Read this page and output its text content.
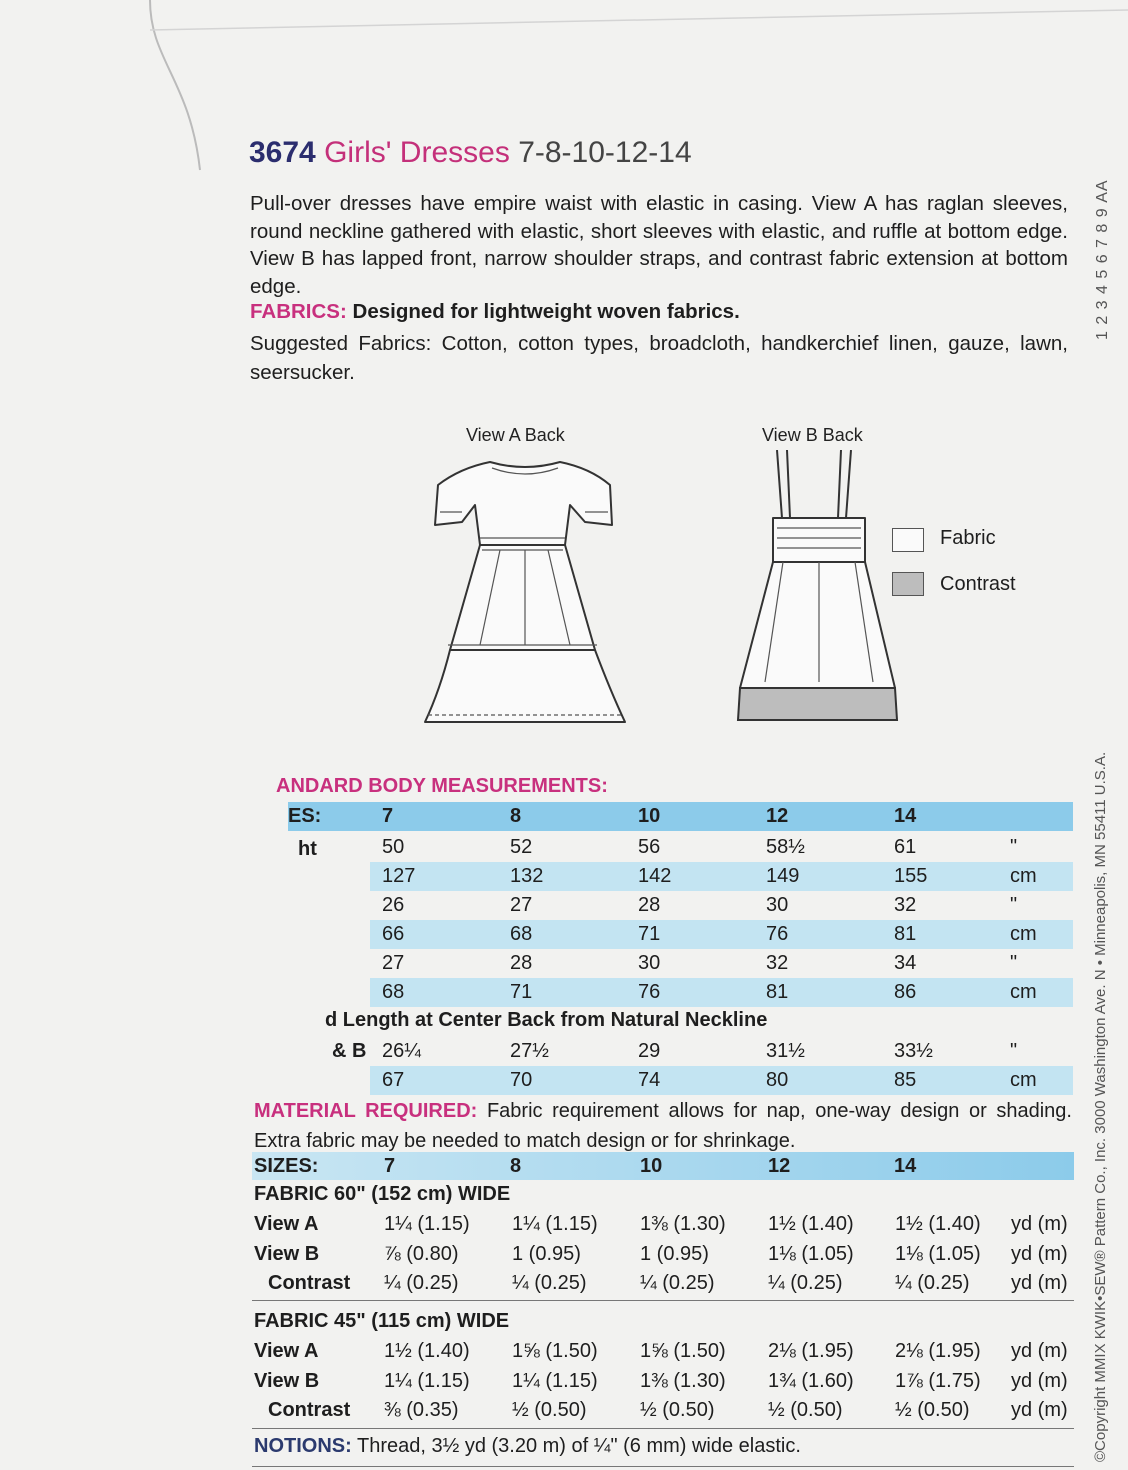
3674 Girls' Dresses 7-8-10-12-14
Pull-over dresses have empire waist with elastic in casing. View A has raglan sleeves, round neckline gathered with elastic, short sleeves with elastic, and ruffle at bottom edge. View B has lapped front, narrow shoulder straps, and contrast fabric extension at bottom edge.
FABRICS: Designed for lightweight woven fabrics.
Suggested Fabrics: Cotton, cotton types, broadcloth, handkerchief linen, gauze, lawn, seersucker.
View A Back	View B Back
Fabric
Contrast
ANDARD BODY MEASUREMENTS:
ES:	7	8	10	12	14
ht	50	52	56	58½	61	"
127	132	142	149	155	cm
26	27	28	30	32	"
66	68	71	76	81	cm
27	28	30	32	34	"
68	71	76	81	86	cm
d Length at Center Back from Natural Neckline
& B 26¼	27½	29	31½	33½	"
67	70	74	80	85	cm
MATERIAL REQUIRED: Fabric requirement allows for nap, one-way design or shading. Extra fabric may be needed to match design or for shrinkage.
SIZES:	7	8	10	12	14
FABRIC 60" (152 cm) WIDE
View A	1¼ (1.15) 1¼ (1.15) 1⅜ (1.30) 1½ (1.40) 1½ (1.40) yd (m)
View B	⅞ (0.80)	1 (0.95)	1 (0.95)	1⅛ (1.05) 1⅛ (1.05) yd (m)
Contrast ¼ (0.25)	¼ (0.25)	¼ (0.25)	¼ (0.25)	¼ (0.25) yd (m)
FABRIC 45" (115 cm) WIDE
View A	1½ (1.40) 1⅝ (1.50) 1⅝ (1.50) 2⅛ (1.95) 2⅛ (1.95) yd (m)
View B	1¼ (1.15) 1¼ (1.15) 1⅜ (1.30) 1¾ (1.60) 1⅞ (1.75) yd (m)
Contrast ⅜ (0.35)	½ (0.50)	½ (0.50)	½ (0.50)	½ (0.50) yd (m)
NOTIONS: Thread, 3½ yd (3.20 m) of ¼" (6 mm) wide elastic.	©Copyright MMIX KWIK•SEW® Pattern Co., Inc. 3000 Washington Ave. N • Minneapolis, MN 55411 U.S.A.
1 2 3 4 5 6 7 8 9 AA
